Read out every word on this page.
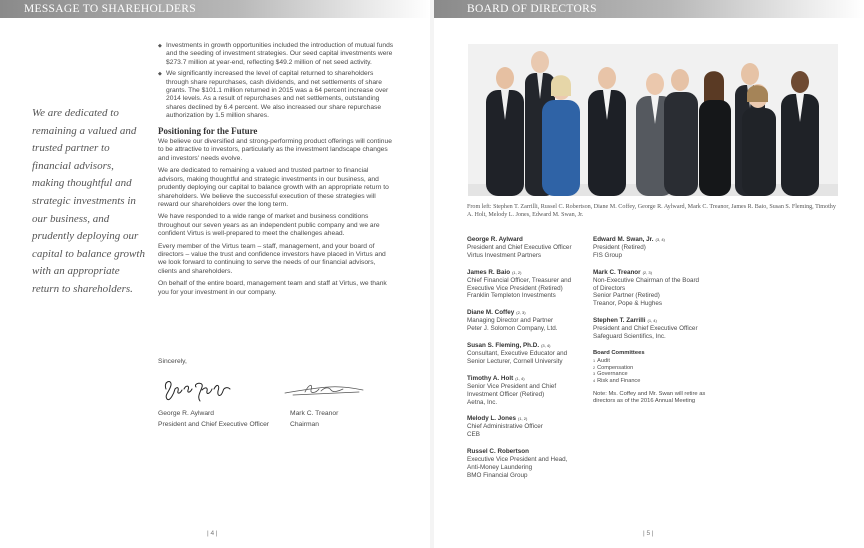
MESSAGE TO SHAREHOLDERS	BOARD OF DIRECTORS
We are dedicated to remaining a valued and trusted partner to financial advisors, making thoughtful and strategic investments in our business, and prudently deploying our capital to balance growth with an appropriate return to shareholders.
◆ Investments in growth opportunities included the introduction of mutual funds and the seeding of investment strategies. Our seed capital investments were $273.7 million at year-end, reflecting $49.2 million of net seed activity.
◆ We significantly increased the level of capital returned to shareholders through share repurchases, cash dividends, and net settlements of share grants. The $101.1 million returned in 2015 was a 64 percent increase over 2014 levels. As a result of repurchases and net settlements, outstanding shares declined by 6.4 percent. We also increased our share repurchase authorization by 1.5 million shares.
Positioning for the Future

We believe our diversified and strong-performing product offerings will continue to be attractive to investors, particularly as the investment landscape changes and investors' needs evolve.

We are dedicated to remaining a valued and trusted partner to financial advisors, making thoughtful and strategic investments in our business, and prudently deploying our capital to balance growth with an appropriate return to shareholders. We believe the successful execution of these strategies will reward our shareholders over the long term.

We have responded to a wide range of market and business conditions throughout our seven years as an independent public company and we are confident Virtus is well-prepared to meet the challenges ahead.

Every member of the Virtus team – staff, management, and your board of directors – value the trust and confidence investors have placed in Virtus and we look forward to continuing to serve the needs of our financial advisors, clients and shareholders.

On behalf of the entire board, management team and staff at Virtus, we thank you for your investment in our company.

Sincerely,
George R. Aylward
President and Chief Executive Officer
Mark C. Treanor
Chairman
| 4 |	| 5 |
From left: Stephen T. Zarrilli, Russel C. Robertson, Diane M. Coffey, George R. Aylward, Mark C. Treanor, James R. Baio, Susan S. Fleming, Timothy A. Holt, Melody L. Jones, Edward M. Swan, Jr.
George R. Aylward
President and Chief Executive Officer
Virtus Investment Partners
James R. Baio $^{(1, 2)}$
Chief Financial Officer, Treasurer and
Executive Vice President (Retired)
Franklin Templeton Investments
Diane M. Coffey $^{(2, 3)}$
Managing Director and Partner
Peter J. Solomon Company, Ltd.
Susan S. Fleming, Ph.D. $^{(3, 4)}$
Consultant, Executive Educator and
Senior Lecturer, Cornell University
Timothy A. Holt $^{(1, 4)}$
Senior Vice President and Chief
Investment Officer (Retired)
Aetna, Inc.
Melody L. Jones $^{(1, 2)}$
Chief Administrative Officer
CEB
Russel C. Robertson
Executive Vice President and Head,
Anti-Money Laundering
BMO Financial Group
Edward M. Swan, Jr. $^{(3, 4)}$
President (Retired)
FIS Group
Mark C. Treanor $^{(2, 3)}$
Non-Executive Chairman of the Board
of Directors
Senior Partner (Retired)
Treanor, Pope & Hughes
Stephen T. Zarrilli $^{(1, 4)}$
President and Chief Executive Officer
Safeguard Scientifics, Inc.
Board Committees
$^1$ Audit
$^2$ Compensation
$^3$ Governance
$^4$ Risk and Finance
Note: Ms. Coffey and Mr. Swan will retire as directors as of the 2016 Annual Meeting
